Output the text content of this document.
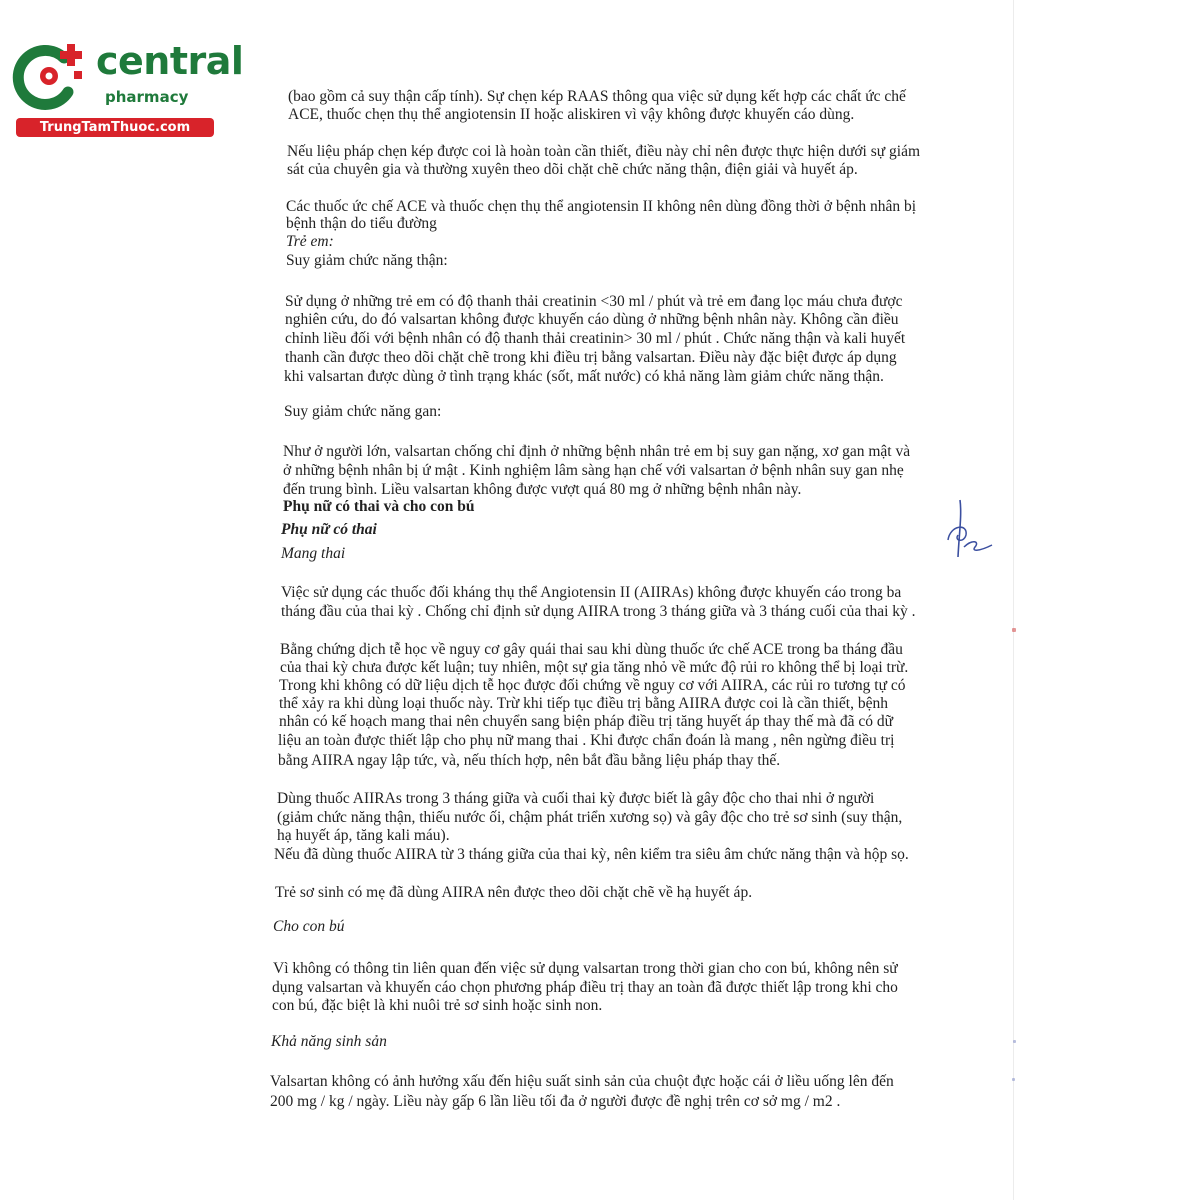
central
pharmacy
TrungTamThuoc.com
(bao gồm cả suy thận cấp tính). Sự chẹn kép RAAS thông qua việc sử dụng kết hợp các chất ức chế
ACE, thuốc chẹn thụ thể angiotensin II hoặc aliskiren vì vậy không được khuyến cáo dùng.
Nếu liệu pháp chẹn kép được coi là hoàn toàn cần thiết, điều này chỉ nên được thực hiện dưới sự giám
sát của chuyên gia và thường xuyên theo dõi chặt chẽ chức năng thận, điện giải và huyết áp.
Các thuốc ức chế ACE và thuốc chẹn thụ thể angiotensin II không nên dùng đồng thời ở bệnh nhân bị
bệnh thận do tiểu đường
Trẻ em:
Suy giảm chức năng thận:
Sử dụng ở những trẻ em có độ thanh thải creatinin <30 ml / phút và trẻ em đang lọc máu chưa được
nghiên cứu, do đó valsartan không được khuyến cáo dùng ở những bệnh nhân này. Không cần điều
chỉnh liều đối với bệnh nhân có độ thanh thải creatinin> 30 ml / phút . Chức năng thận và kali huyết
thanh cần được theo dõi chặt chẽ trong khi điều trị bằng valsartan. Điều này đặc biệt được áp dụng
khi valsartan được dùng ở tình trạng khác (sốt, mất nước) có khả năng làm giảm chức năng thận.
Suy giảm chức năng gan:
Như ở người lớn, valsartan chống chỉ định ở những bệnh nhân trẻ em bị suy gan nặng, xơ gan mật và
ở những bệnh nhân bị ứ mật . Kinh nghiệm lâm sàng hạn chế với valsartan ở bệnh nhân suy gan nhẹ
đến trung bình. Liều valsartan không được vượt quá 80 mg ở những bệnh nhân này.
Phụ nữ có thai và cho con bú
Phụ nữ có thai
Mang thai
Việc sử dụng các thuốc đối kháng thụ thể Angiotensin II (AIIRAs) không được khuyến cáo trong ba
tháng đầu của thai kỳ . Chống chỉ định sử dụng AIIRA trong 3 tháng giữa và 3 tháng cuối của thai kỳ .
Bằng chứng dịch tễ học về nguy cơ gây quái thai sau khi dùng thuốc ức chế ACE trong ba tháng đầu
của thai kỳ chưa được kết luận; tuy nhiên, một sự gia tăng nhỏ về mức độ rủi ro không thể bị loại trừ.
Trong khi không có dữ liệu dịch tễ học được đối chứng về nguy cơ với AIIRA, các rủi ro tương tự có
thể xảy ra khi dùng loại thuốc này. Trừ khi tiếp tục điều trị bằng AIIRA được coi là cần thiết, bệnh
nhân có kế hoạch mang thai nên chuyển sang biện pháp điều trị tăng huyết áp thay thế mà đã có dữ
liệu an toàn được thiết lập cho phụ nữ mang thai . Khi được chẩn đoán là mang , nên ngừng điều trị
bằng AIIRA ngay lập tức, và, nếu thích hợp, nên bắt đầu bằng liệu pháp thay thế.
Dùng thuốc AIIRAs trong 3 tháng giữa và cuối thai kỳ được biết là gây độc cho thai nhi ở người
(giảm chức năng thận, thiếu nước ối, chậm phát triển xương sọ) và gây độc cho trẻ sơ sinh (suy thận,
hạ huyết áp, tăng kali máu).
Nếu đã dùng thuốc AIIRA từ 3 tháng giữa của thai kỳ, nên kiểm tra siêu âm chức năng thận và hộp sọ.
Trẻ sơ sinh có mẹ đã dùng AIIRA nên được theo dõi chặt chẽ về hạ huyết áp.
Cho con bú
Vì không có thông tin liên quan đến việc sử dụng valsartan trong thời gian cho con bú, không nên sử
dụng valsartan và khuyến cáo chọn phương pháp điều trị thay an toàn đã được thiết lập trong khi cho
con bú, đặc biệt là khi nuôi trẻ sơ sinh hoặc sinh non.
Khả năng sinh sản
Valsartan không có ảnh hưởng xấu đến hiệu suất sinh sản của chuột đực hoặc cái ở liều uống lên đến
200 mg / kg / ngày. Liều này gấp 6 lần liều tối đa ở người được đề nghị trên cơ sở mg / m2 .
